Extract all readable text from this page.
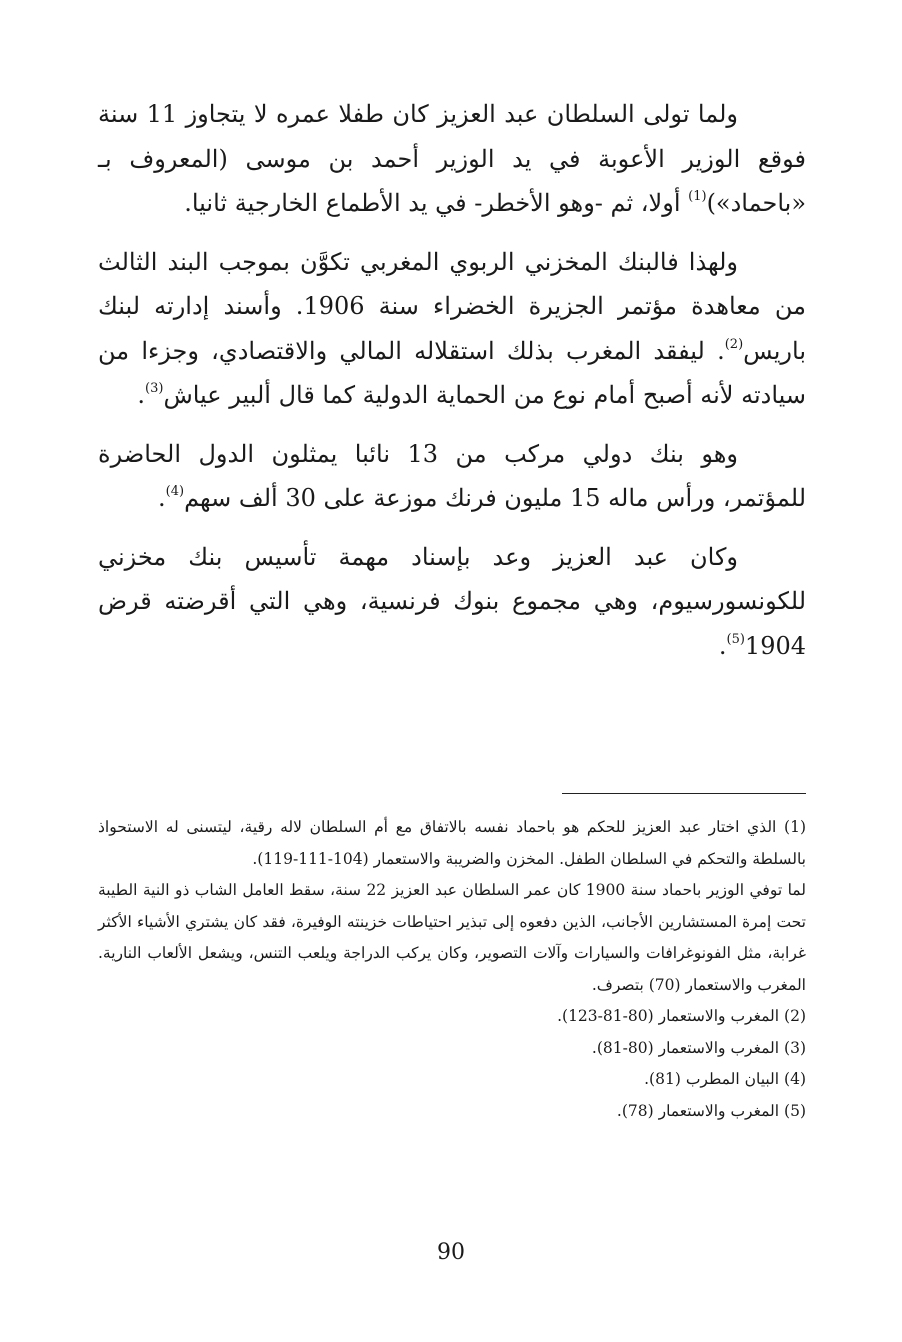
ولما تولى السلطان عبد العزيز كان طفلا عمره لا يتجاوز 11 سنة فوقع الوزير الأعوبة في يد الوزير أحمد بن موسى (المعروف بـ «باحماد»)$^{(1)}$ أولا، ثم -وهو الأخطر- في يد الأطماع الخارجية ثانيا.

ولهذا فالبنك المخزني الربوي المغربي تكوَّن بموجب البند الثالث من معاهدة مؤتمر الجزيرة الخضراء سنة 1906. وأسند إدارته لبنك باريس$^{(2)}$. ليفقد المغرب بذلك استقلاله المالي والاقتصادي، وجزءا من سيادته لأنه أصبح أمام نوع من الحماية الدولية كما قال ألبير عياش$^{(3)}$.

وهو بنك دولي مركب من 13 نائبا يمثلون الدول الحاضرة للمؤتمر، ورأس ماله 15 مليون فرنك موزعة على 30 ألف سهم$^{(4)}$.

وكان عبد العزيز وعد بإسناد مهمة تأسيس بنك مخزني للكونسورسيوم، وهي مجموع بنوك فرنسية، وهي التي أقرضته قرض 1904$^{(5)}$.

(1) الذي اختار عبد العزيز للحكم هو باحماد نفسه بالاتفاق مع أم السلطان لاله رقية، ليتسنى له الاستحواذ بالسلطة والتحكم في السلطان الطفل. المخزن والضريبة والاستعمار (104-111-119).

لما توفي الوزير باحماد سنة 1900 كان عمر السلطان عبد العزيز 22 سنة، سقط العامل الشاب ذو النية الطيبة تحت إمرة المستشارين الأجانب، الذين دفعوه إلى تبذير احتياطات خزينته الوفيرة، فقد كان يشتري الأشياء الأكثر غرابة، مثل الفونوغرافات والسيارات وآلات التصوير، وكان يركب الدراجة ويلعب التنس، ويشعل الألعاب النارية. المغرب والاستعمار (70) بتصرف.

(2) المغرب والاستعمار (80-81-123).

(3) المغرب والاستعمار (80-81).

(4) البيان المطرب (81).

(5) المغرب والاستعمار (78).

90
